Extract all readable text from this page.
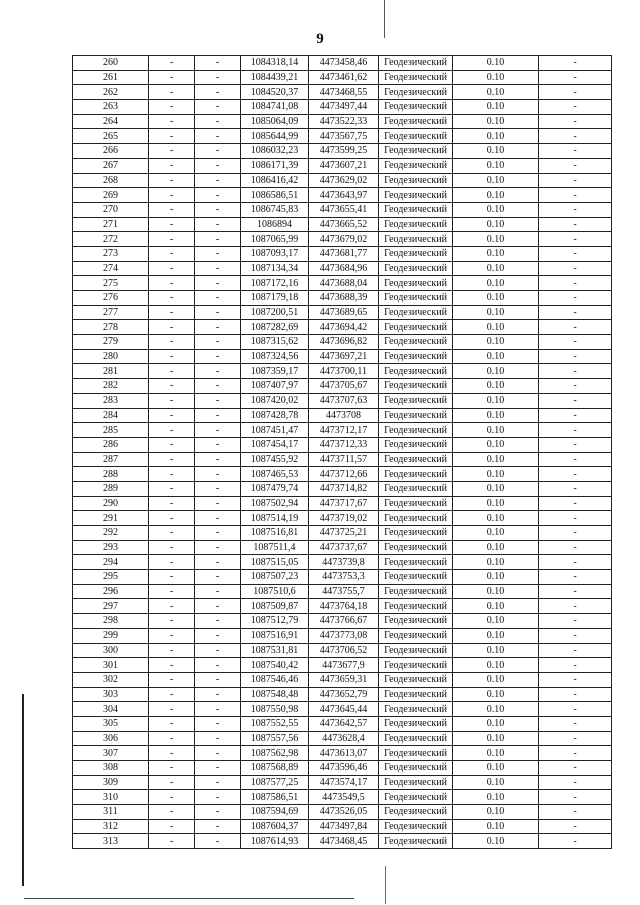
9
260	-	-	1084318,14	4473458,46	Геодезический	0.10	-
261	-	-	1084439,21	4473461,62	Геодезический	0.10	-
262	-	-	1084520,37	4473468,55	Геодезический	0.10	-
263	-	-	1084741,08	4473497,44	Геодезический	0.10	-
264	-	-	1085064,09	4473522,33	Геодезический	0.10	-
265	-	-	1085644,99	4473567,75	Геодезический	0.10	-
266	-	-	1086032,23	4473599,25	Геодезический	0.10	-
267	-	-	1086171,39	4473607,21	Геодезический	0.10	-
268	-	-	1086416,42	4473629,02	Геодезический	0.10	-
269	-	-	1086586,51	4473643,97	Геодезический	0.10	-
270	-	-	1086745,83	4473655,41	Геодезический	0.10	-
271	-	-	1086894	4473665,52	Геодезический	0.10	-
272	-	-	1087065,99	4473679,02	Геодезический	0.10	-
273	-	-	1087093,17	4473681,77	Геодезический	0.10	-
274	-	-	1087134,34	4473684,96	Геодезический	0.10	-
275	-	-	1087172,16	4473688,04	Геодезический	0.10	-
276	-	-	1087179,18	4473688,39	Геодезический	0.10	-
277	-	-	1087200,51	4473689,65	Геодезический	0.10	-
278	-	-	1087282,69	4473694,42	Геодезический	0.10	-
279	-	-	1087315,62	4473696,82	Геодезический	0.10	-
280	-	-	1087324,56	4473697,21	Геодезический	0.10	-
281	-	-	1087359,17	4473700,11	Геодезический	0.10	-
282	-	-	1087407,97	4473705,67	Геодезический	0.10	-
283	-	-	1087420,02	4473707,63	Геодезический	0.10	-
284	-	-	1087428,78	4473708	Геодезический	0.10	-
285	-	-	1087451,47	4473712,17	Геодезический	0.10	-
286	-	-	1087454,17	4473712,33	Геодезический	0.10	-
287	-	-	1087455,92	4473711,57	Геодезический	0.10	-
288	-	-	1087465,53	4473712,66	Геодезический	0.10	-
289	-	-	1087479,74	4473714,82	Геодезический	0.10	-
290	-	-	1087502,94	4473717,67	Геодезический	0.10	-
291	-	-	1087514,19	4473719,02	Геодезический	0.10	-
292	-	-	1087516,81	4473725,21	Геодезический	0.10	-
293	-	-	1087511,4	4473737,67	Геодезический	0.10	-
294	-	-	1087515,05	4473739,8	Геодезический	0.10	-
295	-	-	1087507,23	4473753,3	Геодезический	0.10	-
296	-	-	1087510,6	4473755,7	Геодезический	0.10	-
297	-	-	1087509,87	4473764,18	Геодезический	0.10	-
298	-	-	1087512,79	4473766,67	Геодезический	0.10	-
299	-	-	1087516,91	4473773,08	Геодезический	0.10	-
300	-	-	1087531,81	4473706,52	Геодезический	0.10	-
301	-	-	1087540,42	4473677,9	Геодезический	0.10	-
302	-	-	1087546,46	4473659,31	Геодезический	0.10	-
303	-	-	1087548,48	4473652,79	Геодезический	0.10	-
304	-	-	1087550,98	4473645,44	Геодезический	0.10	-
305	-	-	1087552,55	4473642,57	Геодезический	0.10	-
306	-	-	1087557,56	4473628,4	Геодезический	0.10	-
307	-	-	1087562,98	4473613,07	Геодезический	0.10	-
308	-	-	1087568,89	4473596,46	Геодезический	0.10	-
309	-	-	1087577,25	4473574,17	Геодезический	0.10	-
310	-	-	1087586,51	4473549,5	Геодезический	0.10	-
311	-	-	1087594,69	4473526,05	Геодезический	0.10	-
312	-	-	1087604,37	4473497,84	Геодезический	0.10	-
313	-	-	1087614,93	4473468,45	Геодезический	0.10	-
